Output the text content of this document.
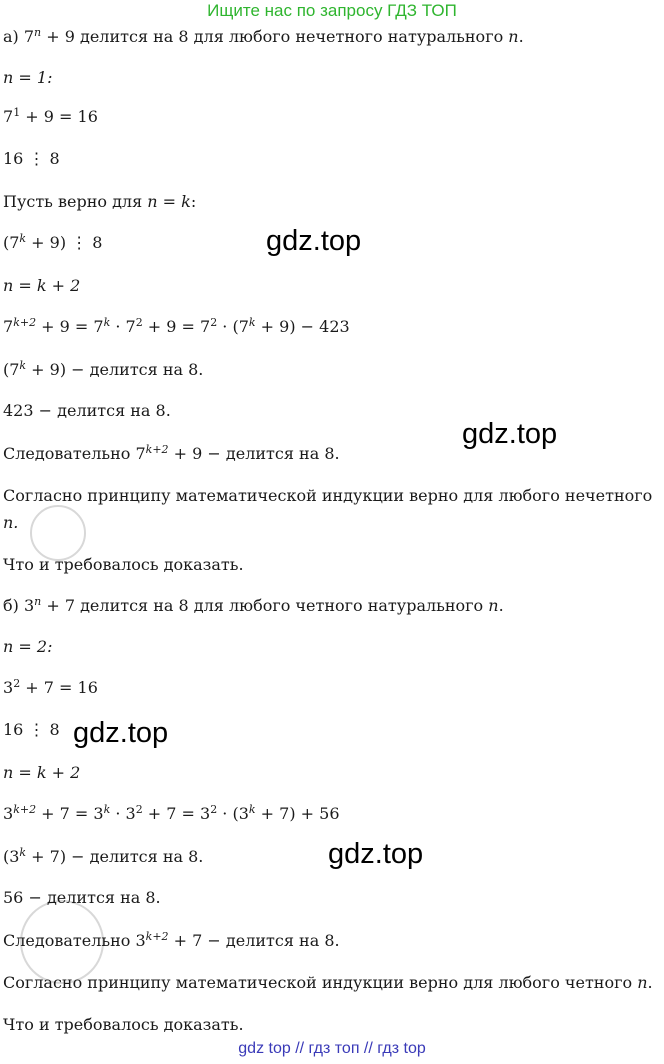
Ищите нас по запросу ГДЗ ТОП
а) $7^n + 9$ делится на 8 для любого нечетного натурального n.
n = 1:
$7^1 + 9 = 16$
16 ⋮ 8
Пусть верно для n = k:
$(7^k + 9)$ ⋮ 8
n = k + 2
$7^{k+2} + 9 = 7^k \cdot 7^2 + 9 = 7^2 \cdot (7^k + 9) - 423$
$(7^k + 9)$ − делится на 8.
423 − делится на 8.
Следовательно $7^{k+2} + 9$ − делится на 8.
Согласно принципу математической индукции верно для любого нечетного
n.
Что и требовалось доказать.
б) $3^n + 7$ делится на 8 для любого четного натурального n.
n = 2:
$3^2 + 7 = 16$
16 ⋮ 8
n = k + 2
$3^{k+2} + 7 = 3^k \cdot 3^2 + 7 = 3^2 \cdot (3^k + 7) + 56$
$(3^k + 7)$ − делится на 8.
56 − делится на 8.
Следовательно $3^{k+2} + 7$ − делится на 8.
Согласно принципу математической индукции верно для любого четного n.
Что и требовалось доказать.
gdz.top
gdz.top
gdz.top
gdz.top
gdz top // гдз топ // гдз top
